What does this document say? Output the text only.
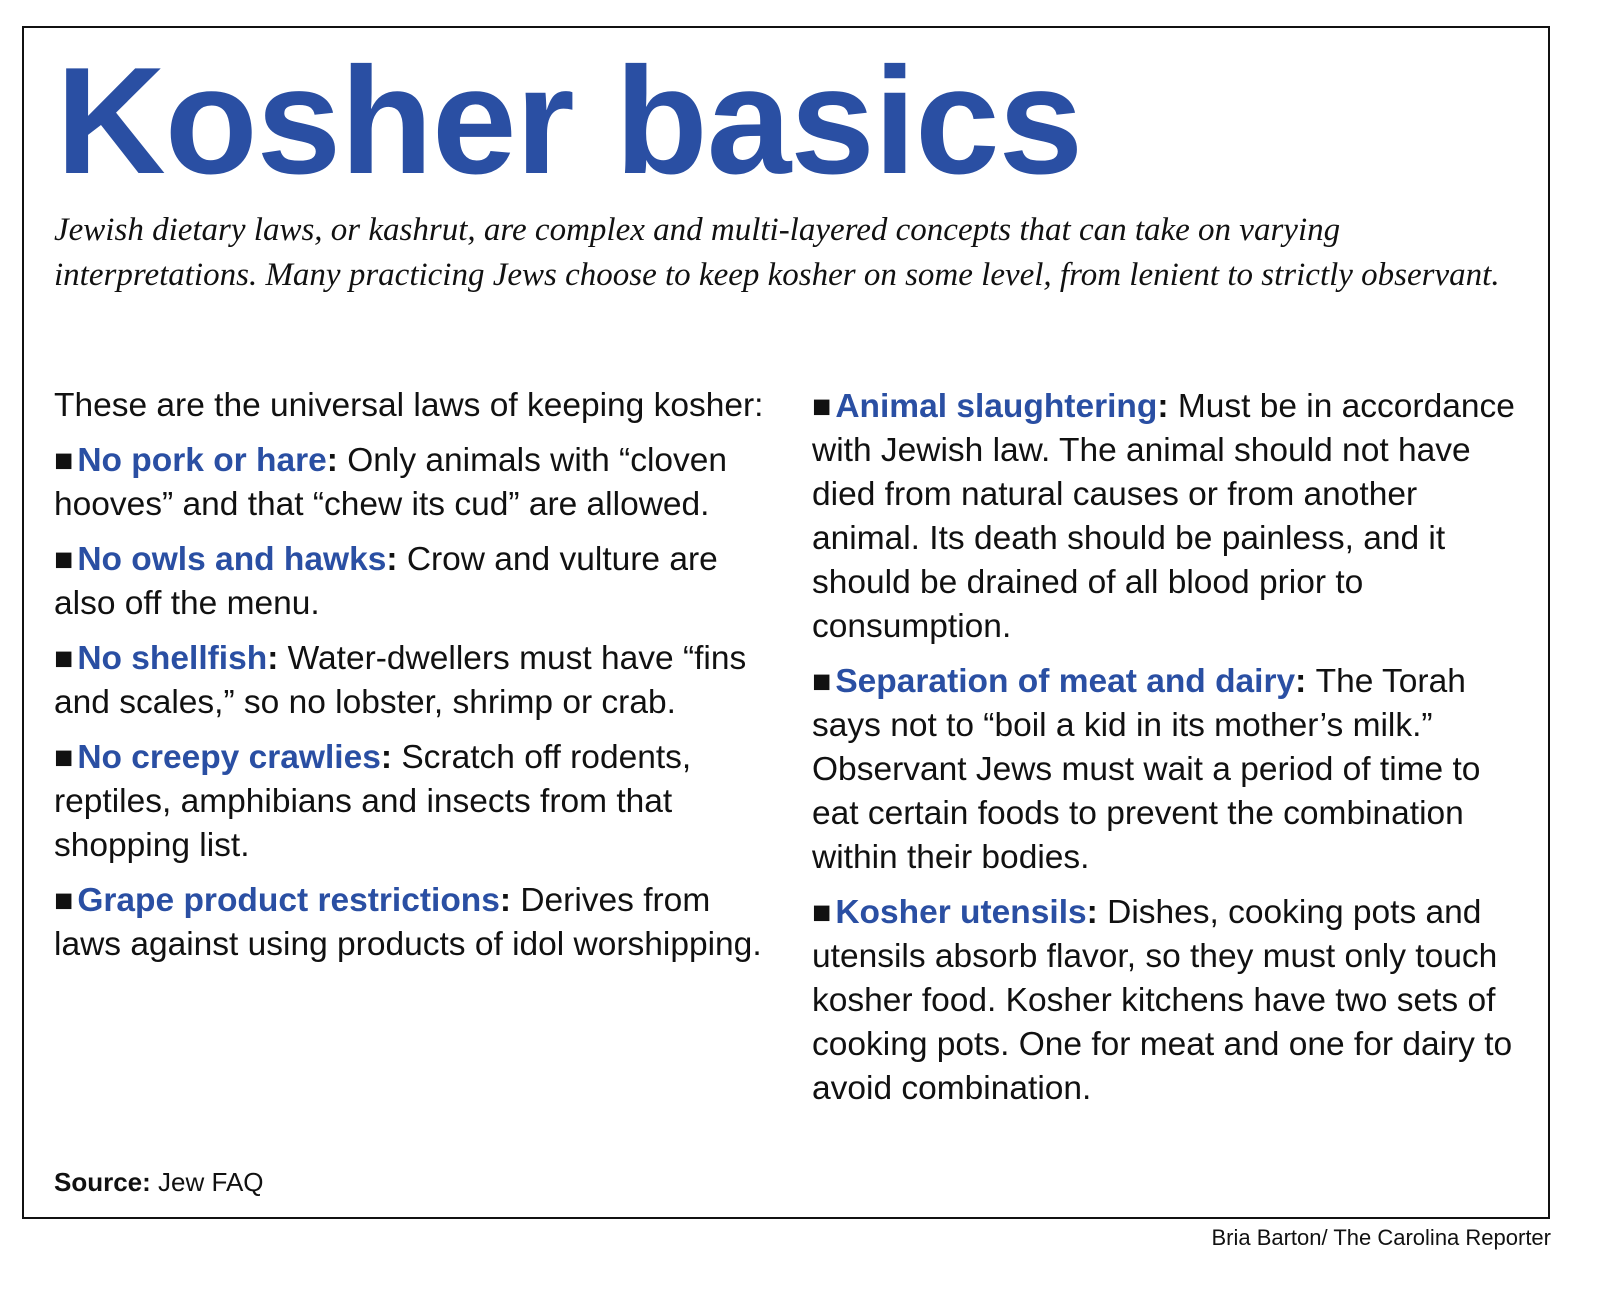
Kosher basics

Jewish dietary laws, or kashrut, are complex and multi-layered concepts that can take on varying interpretations. Many practicing Jews choose to keep kosher on some level, from lenient to strictly observant.

These are the universal laws of keeping kosher:

■ No pork or hare: Only animals with “cloven hooves” and that “chew its cud” are allowed.

■ No owls and hawks: Crow and vulture are also off the menu.

■ No shellfish: Water-dwellers must have “fins and scales,” so no lobster, shrimp or crab.

■ No creepy crawlies: Scratch off rodents, reptiles, amphibians and insects from that shopping list.

■ Grape product restrictions: Derives from laws against using products of idol worshipping.

■ Animal slaughtering: Must be in accordance with Jewish law. The animal should not have died from natural causes or from another animal. Its death should be painless, and it should be drained of all blood prior to consumption.

■ Separation of meat and dairy: The Torah says not to “boil a kid in its mother’s milk.” Observant Jews must wait a period of time to eat certain foods to prevent the combination within their bodies.

■ Kosher utensils: Dishes, cooking pots and utensils absorb flavor, so they must only touch kosher food. Kosher kitchens have two sets of cooking pots. One for meat and one for dairy to avoid combination.

Source: Jew FAQ
Bria Barton/ The Carolina Reporter
